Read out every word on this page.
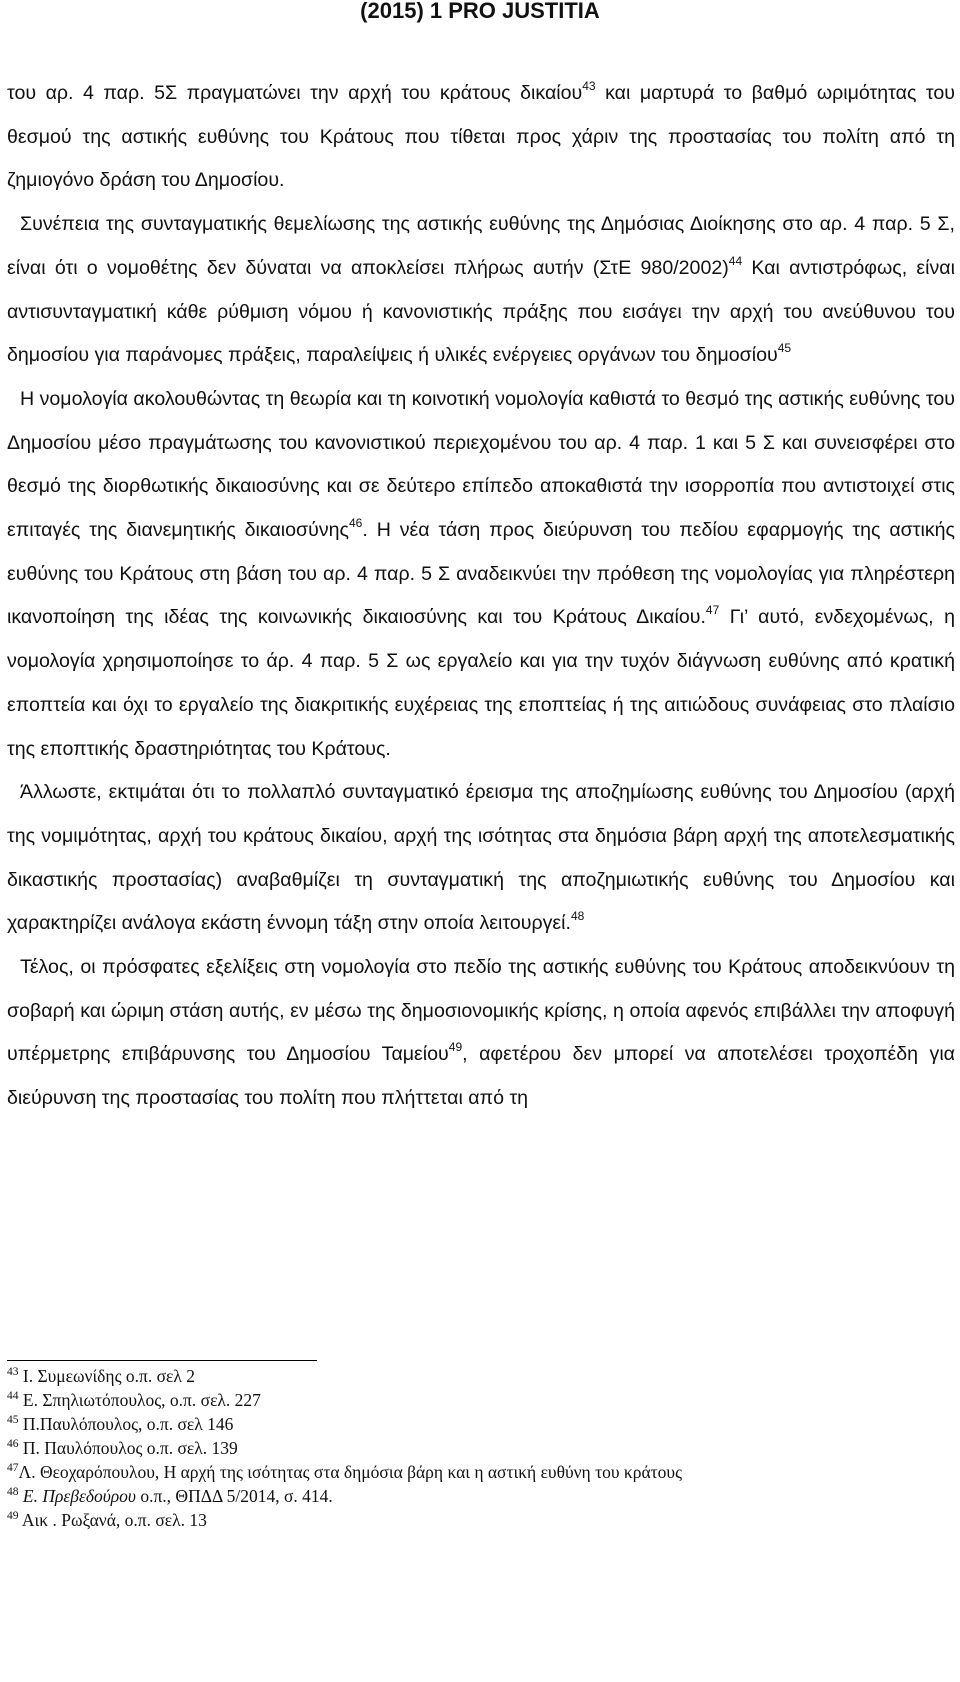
(2015) 1 PRO JUSTITIA

του αρ. 4 παρ. 5Σ πραγματώνει την αρχή του κράτους δικαίου$^{43}$ και μαρτυρά το βαθμό ωριμότητας του θεσμού της αστικής ευθύνης του Κράτους που τίθεται προς χάριν της προστασίας του πολίτη από τη ζημιογόνο δράση του Δημοσίου.

Συνέπεια της συνταγματικής θεμελίωσης της αστικής ευθύνης της Δημόσιας Διοίκησης στο αρ. 4 παρ. 5 Σ, είναι ότι ο νομοθέτης δεν δύναται να αποκλείσει πλήρως αυτήν (ΣτΕ 980/2002)$^{44}$ Και αντιστρόφως, είναι αντισυνταγματική κάθε ρύθμιση νόμου ή κανονιστικής πράξης που εισάγει την αρχή του ανεύθυνου του δημοσίου για παράνομες πράξεις, παραλείψεις ή υλικές ενέργειες οργάνων του δημοσίου$^{45}$

Η νομολογία ακολουθώντας τη θεωρία και τη κοινοτική νομολογία καθιστά το θεσμό της αστικής ευθύνης του Δημοσίου μέσο πραγμάτωσης του κανονιστικού περιεχομένου του αρ. 4 παρ. 1 και 5 Σ και συνεισφέρει στο θεσμό της διορθωτικής δικαιοσύνης και σε δεύτερο επίπεδο αποκαθιστά την ισορροπία που αντιστοιχεί στις επιταγές της διανεμητικής δικαιοσύνης$^{46}$. Η νέα τάση προς διεύρυνση του πεδίου εφαρμογής της αστικής ευθύνης του Κράτους στη βάση του αρ. 4 παρ. 5 Σ αναδεικνύει την πρόθεση της νομολογίας για πληρέστερη ικανοποίηση της ιδέας της κοινωνικής δικαιοσύνης και του Κράτους Δικαίου.$^{47}$ Γι’ αυτό, ενδεχομένως, η νομολογία χρησιμοποίησε το άρ. 4 παρ. 5 Σ ως εργαλείο και για την τυχόν διάγνωση ευθύνης από κρατική εποπτεία και όχι το εργαλείο της διακριτικής ευχέρειας της εποπτείας ή της αιτιώδους συνάφειας στο πλαίσιο της εποπτικής δραστηριότητας του Κράτους.

Άλλωστε, εκτιμάται ότι το πολλαπλό συνταγματικό έρεισμα της αποζημίωσης ευθύνης του Δημοσίου (αρχή της νομιμότητας, αρχή του κράτους δικαίου, αρχή της ισότητας στα δημόσια βάρη αρχή της αποτελεσματικής δικαστικής προστασίας) αναβαθμίζει τη συνταγματική της αποζημιωτικής ευθύνης του Δημοσίου και χαρακτηρίζει ανάλογα εκάστη έννομη τάξη στην οποία λειτουργεί.$^{48}$

Τέλος, οι πρόσφατες εξελίξεις στη νομολογία στο πεδίο της αστικής ευθύνης του Κράτους αποδεικνύουν τη σοβαρή και ώριμη στάση αυτής, εν μέσω της δημοσιονομικής κρίσης, η οποία αφενός επιβάλλει την αποφυγή υπέρμετρης επιβάρυνσης του Δημοσίου Ταμείου$^{49}$, αφετέρου δεν μπορεί να αποτελέσει τροχοπέδη για διεύρυνση της προστασίας του πολίτη που πλήττεται από τη

$^{43}$ Ι. Συμεωνίδης ο.π. σελ 2
$^{44}$ Ε. Σπηλιωτόπουλος, ο.π. σελ. 227
$^{45}$ Π.Παυλόπουλος, ο.π. σελ 146
$^{46}$ Π. Παυλόπουλος ο.π. σελ. 139
$^{47}$Λ. Θεοχαρόπουλου, Η αρχή της ισότητας στα δημόσια βάρη και η αστική ευθύνη του κράτους
$^{48}$ Ε. Πρεβεδούρου ο.π., ΘΠΔΔ 5/2014, σ. 414.
$^{49}$ Αικ . Ρωξανά, ο.π. σελ. 13
